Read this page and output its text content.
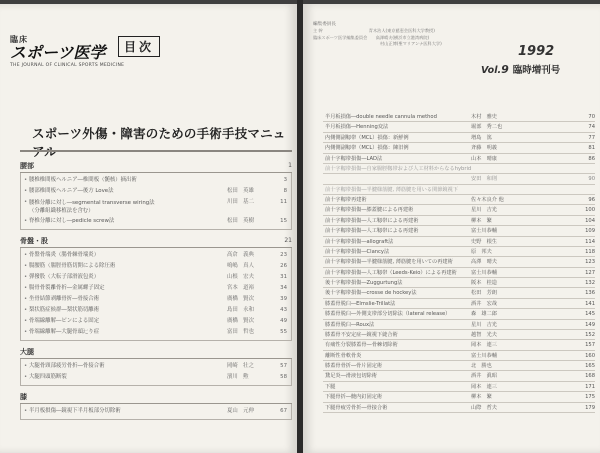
臨床
スポーツ医学
THE JOURNAL OF CLINICAL SPORTS MEDICINE
目次
スポーツ外傷・障害のための手術手技マニュ
腰部	1
• 腰椎椎間板ヘルニア―椎間板（髄核）摘出術	3
• 腰部椎間板ヘルニア―後方 Love法	松田　英雄	8
• 腰椎分離に対し―segmental transverse wiring法
（分離組織移植法を含む）
川田　基二	11
• 脊椎分離に対し―pedicle screw法	松田　英樹	15
骨盤・股	21
• 骨盤骨端炎（腸骨棘骨端炎）	高倉　義典	23
• 腸腰筋（腸脛骨筋切開による除圧術	鳴嶋　真人	26
• 弾撥股（大転子部滑液包炎）	山根　宏夫	31
• 腸骨骨裂離骨折―金属螺子固定	宮本　道裕	34
• 坐骨結節剥離骨折―骨接合術	廣橋　賢次	39
• 梨状筋症候群―梨状筋切離術	島田　永和	43
• 骨端線離解―ピンによる固定	廣橋　賢次	49
• 骨端線離解―大腿骨頭辷り症	富田　哲也	55
大腿
• 大腿骨頸部疲労骨折―骨接合術	岡崎　壮之	57
• 大腿四頭筋断裂	濱川　勲	58
膝
• 半月板損傷―鏡視下半月板部分切除術	夏山　元伸	67
編集委員長
主 幹　　　　　　　　　　　青木治人(東京慈恵会医科大学教授)
臨床スポーツ医学編集委員会　　高澤晴夫(横浜市立港湾病院)
　　　　　　　　　　　　　　　　村山正博(聖マリアンナ医科大学)
1992
Vol.9 臨時増刊号
半月板損傷―double needle cannula method	木村　雅史	70
半月板損傷―Henning変法	堀部　秀二也	74
内側側副靱帯（MCL）損傷：新鮮例	増島　篤	77
内側側副靱帯（MCL）損傷：陳旧例	斉藤　明義	81
前十字靱帯損傷―LAD法	山本　晴康	86
前十字靱帯損傷―自家腸脛靱帯および人工材料からなるhybrid

安田　和則	90
前十字靱帯損傷―半腱様筋腱, 薄筋腱を用いる関節鏡視下
前十字靱帯再建術	佐々木良介 他	96
前十字靱帯損傷―膝蓋腱による再建術	星川　吉光	100
前十字靱帯損傷―人工靱帯による再建術	柳本　繁	104
前十字靱帯損傷―人工靱帯による再建術	富士川恭輔	109
前十字靱帯損傷―allograft法	史野　根生	114
前十字靱帯損傷―Clancy法	原　邦夫	118
前十字靱帯損傷―半腱様筋腱, 薄筋腱を用いての再建術	高澤　晴夫	123
前十字靱帯損傷―人工靱帯（Leeds-Keio）による再建術	富士川恭輔	127
後十字靱帯損傷―Zuggurtung法	阪本　桂造	132
後十字靱帯損傷―crosse de hockey法	松田　芳朗	136
膝蓋骨脱臼―Elmslie-Trillat法	酒井　宏哉	141
膝蓋骨脱臼―外側支帯部分切除法（lateral release）	森　雄二郎	145
膝蓋骨脱臼―Roux法	星川　吉光	149
膝蓋骨不安定症―鏡視下縫合術	越智　光夫	152
有痛性分裂膝蓋骨―骨棘切除術	岡本　連三	157
離断性骨軟骨炎	富士川恭輔	160
膝蓋骨骨折―骨片固定術	北　勝也	165
鵞足炎―滑液包切除術	酒井　眞昭	168
下腿	岡本　連三	171
下腿骨折―髄内釘固定術	柳本　繁	175
下腿骨疲労骨折―骨接合術	山際　哲夫	179
